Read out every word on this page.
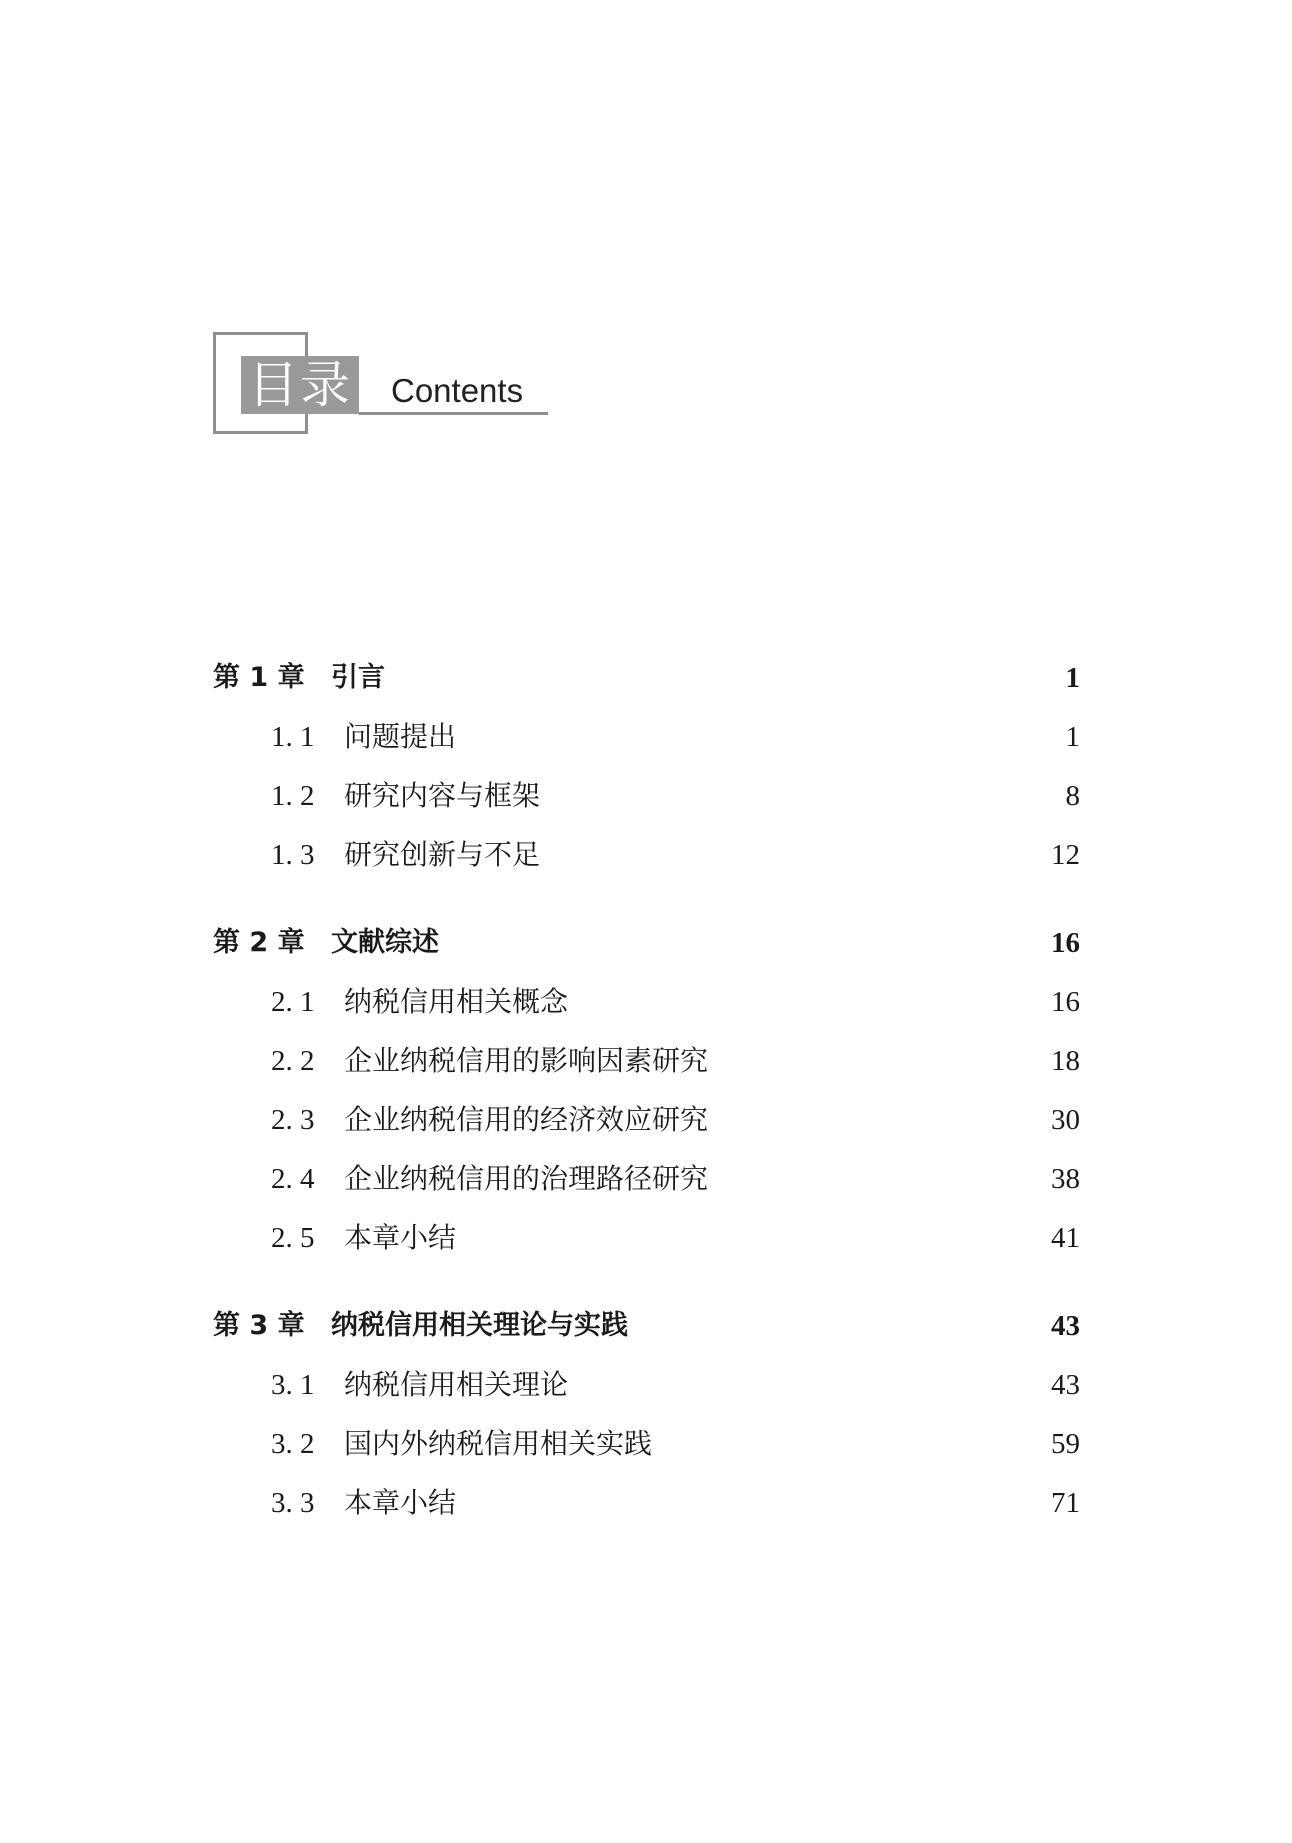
目录 Contents
第 1 章 引言	1
1. 1 问题提出	1
1. 2 研究内容与框架	8
1. 3 研究创新与不足	12
第 2 章 文献综述	16
2. 1 纳税信用相关概念	16
2. 2 企业纳税信用的影响因素研究	18
2. 3 企业纳税信用的经济效应研究	30
2. 4 企业纳税信用的治理路径研究	38
2. 5 本章小结	41
第 3 章 纳税信用相关理论与实践	43
3. 1 纳税信用相关理论	43
3. 2 国内外纳税信用相关实践	59
3. 3 本章小结	71
